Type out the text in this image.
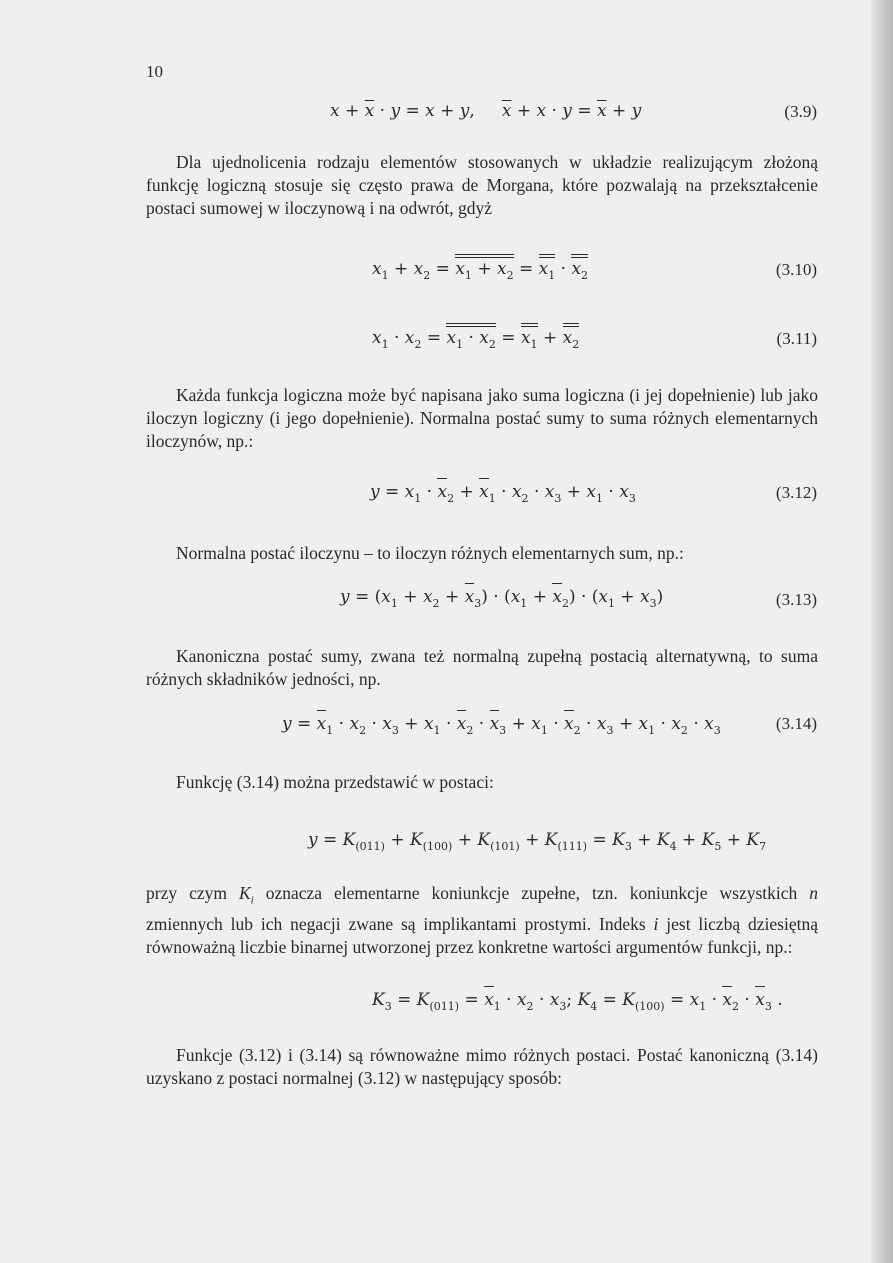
10
$x + \overline{x} \cdot y = x + y$, $\overline{x} + x \cdot y = \overline{x} + y$	(3.9)

Dla ujednolicenia rodzaju elementów stosowanych w układzie realizującym złożoną funkcję logiczną stosuje się często prawa de Morgana, które pozwalają na przekształcenie postaci sumowej w iloczynową i na odwrót, gdyż

$x_1 + x_2 = x_1 + x_2 = x_1 \cdot x_2$	(3.10)
$x_1 \cdot x_2 = x_1 \cdot x_2 = x_1 + x_2$	(3.11)

Każda funkcja logiczna może być napisana jako suma logiczna (i jej dopełnienie) lub jako iloczyn logiczny (i jego dopełnienie). Normalna postać sumy to suma różnych elementarnych iloczynów, np.:

$y = x_1 \cdot x_2 + x_1 \cdot x_2 \cdot x_3 + x_1 \cdot x_3$	(3.12)

Normalna postać iloczynu – to iloczyn różnych elementarnych sum, np.:

$y = (x_1 + x_2 + x_3) \cdot (x_1 + x_2) \cdot (x_1 + x_3)$	(3.13)

Kanoniczna postać sumy, zwana też normalną zupełną postacią alternatywną, to suma różnych składników jedności, np.

$y = x_1 \cdot x_2 \cdot x_3 + x_1 \cdot x_2 \cdot x_3 + x_1 \cdot x_2 \cdot x_3 + x_1 \cdot x_2 \cdot x_3$	(3.14)

Funkcję (3.14) można przedstawić w postaci:

$y = K_{(011)} + K_{(100)} + K_{(101)} + K_{(111)} = K_3 + K_4 + K_5 + K_7$

przy czym $K_i$ oznacza elementarne koniunkcje zupełne, tzn. koniunkcje wszystkich n zmiennych lub ich negacji zwane są implikantami prostymi. Indeks i jest liczbą dziesiętną równoważną liczbie binarnej utworzonej przez konkretne wartości argumentów funkcji, np.:

$K_3 = K_{(011)} = x_1 \cdot x_2 \cdot x_3$; $K_4 = K_{(100)} = x_1 \cdot x_2 \cdot x_3$ .

Funkcje (3.12) i (3.14) są równoważne mimo różnych postaci. Postać kanoniczną (3.14) uzyskano z postaci normalnej (3.12) w następujący sposób:
